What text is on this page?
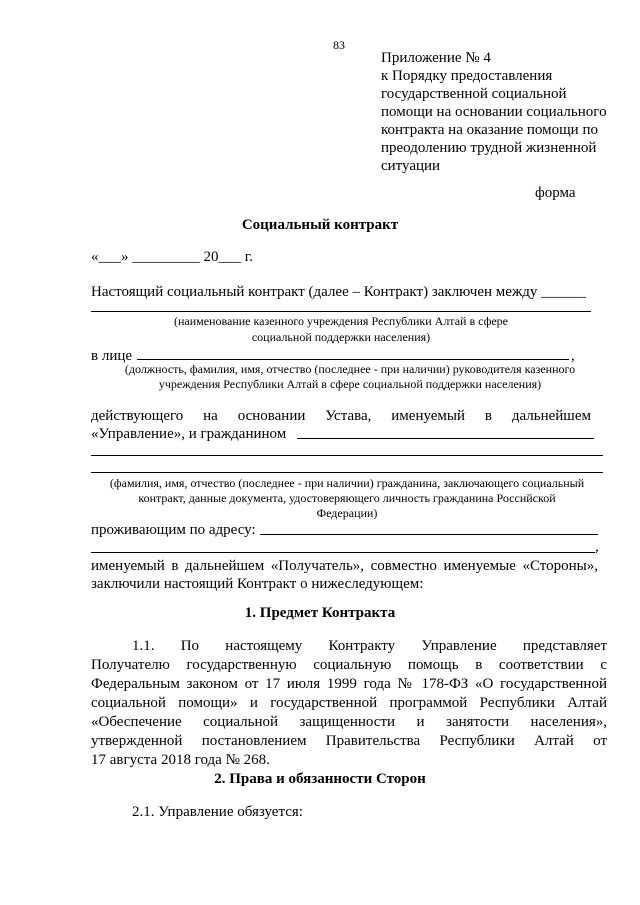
83
Приложение № 4
к Порядку предоставления
государственной социальной
помощи на основании социального
контракта на оказание помощи по
преодолению трудной жизненной
ситуации
форма
Социальный контракт
«___» _________ 20___ г.
Настоящий социальный контракт (далее – Контракт) заключен между ______
(наименование казенного учреждения Республики Алтай в сфере
социальной поддержки населения)
в лице	,
(должность, фамилия, имя, отчество (последнее - при наличии) руководителя казенного
учреждения Республики Алтай в сфере социальной поддержки населения)
действующего на основании Устава, именуемый в дальнейшем
«Управление», и гражданином
(фамилия, имя, отчество (последнее - при наличии) гражданина, заключающего социальный
контракт, данные документа, удостоверяющего личность гражданина Российской
Федерации)
проживающим по адресу:
,
именуемый в дальнейшем «Получатель», совместно именуемые «Стороны»,
заключили настоящий Контракт о нижеследующем:
1. Предмет Контракта
1.1. По настоящему Контракту Управление представляет
Получателю государственную социальную помощь в соответствии с
Федеральным законом от 17 июля 1999 года № 178-ФЗ «О государственной
социальной помощи» и государственной программой Республики Алтай
«Обеспечение социальной защищенности и занятости населения»,
утвержденной постановлением Правительства Республики Алтай от
17 августа 2018 года № 268.
2. Права и обязанности Сторон
2.1. Управление обязуется:
